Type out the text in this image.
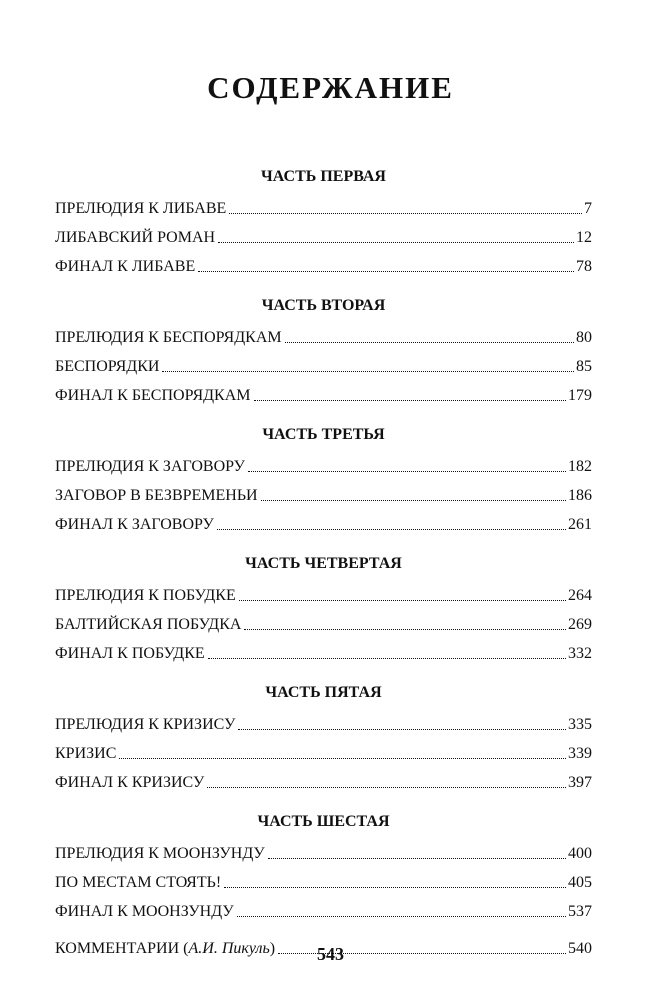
СОДЕРЖАНИЕ
ЧАСТЬ ПЕРВАЯ
ПРЕЛЮДИЯ К ЛИБАВЕ	7
ЛИБАВСКИЙ РОМАН	12
ФИНАЛ К ЛИБАВЕ	78
ЧАСТЬ ВТОРАЯ
ПРЕЛЮДИЯ К БЕСПОРЯДКАМ	80
БЕСПОРЯДКИ	85
ФИНАЛ К БЕСПОРЯДКАМ	179
ЧАСТЬ ТРЕТЬЯ
ПРЕЛЮДИЯ К ЗАГОВОРУ	182
ЗАГОВОР В БЕЗВРЕМЕНЬИ	186
ФИНАЛ К ЗАГОВОРУ	261
ЧАСТЬ ЧЕТВЕРТАЯ
ПРЕЛЮДИЯ К ПОБУДКЕ	264
БАЛТИЙСКАЯ ПОБУДКА	269
ФИНАЛ К ПОБУДКЕ	332
ЧАСТЬ ПЯТАЯ
ПРЕЛЮДИЯ К КРИЗИСУ	335
КРИЗИС	339
ФИНАЛ К КРИЗИСУ	397
ЧАСТЬ ШЕСТАЯ
ПРЕЛЮДИЯ К МООНЗУНДУ	400
ПО МЕСТАМ СТОЯТЬ!	405
ФИНАЛ К МООНЗУНДУ	537
КОММЕНТАРИИ (А.И. Пикуль)	540
543
